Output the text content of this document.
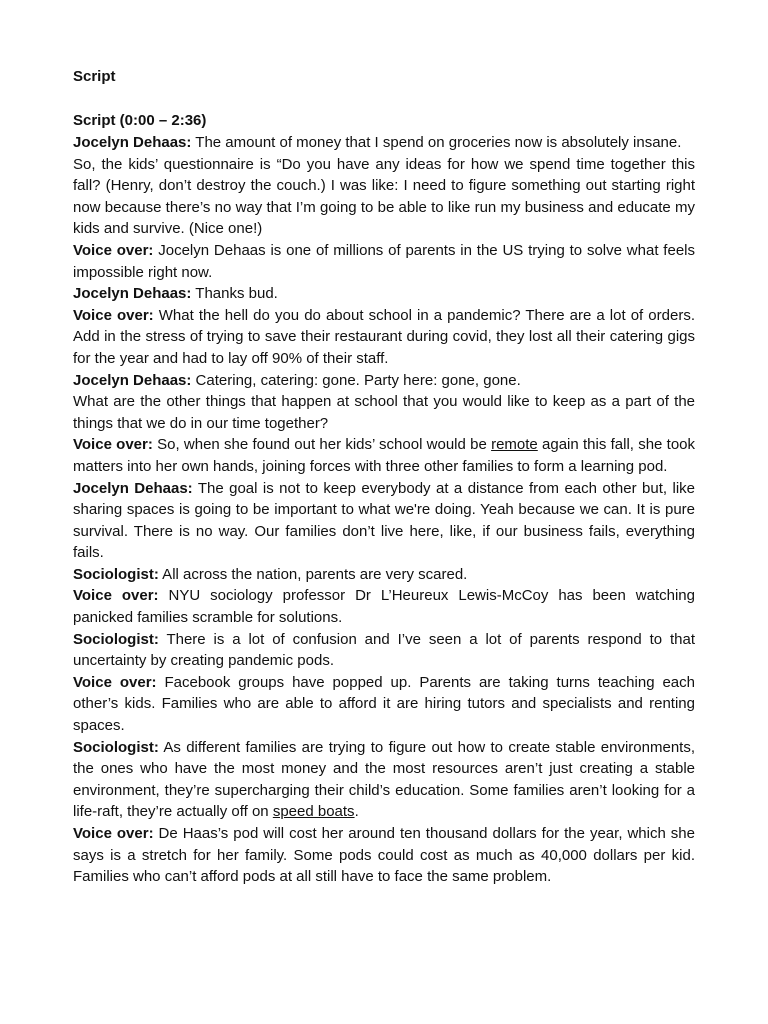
Script
Script (0:00 – 2:36)

Jocelyn Dehaas: The amount of money that I spend on groceries now is absolutely insane.

So, the kids’ questionnaire is “Do you have any ideas for how we spend time together this fall? (Henry, don’t destroy the couch.) I was like: I need to figure something out starting right now because there’s no way that I’m going to be able to like run my business and educate my kids and survive. (Nice one!)

Voice over: Jocelyn Dehaas is one of millions of parents in the US trying to solve what feels impossible right now.

Jocelyn Dehaas: Thanks bud.

Voice over: What the hell do you do about school in a pandemic? There are a lot of orders. Add in the stress of trying to save their restaurant during covid, they lost all their catering gigs for the year and had to lay off 90% of their staff.

Jocelyn Dehaas: Catering, catering: gone. Party here: gone, gone.

What are the other things that happen at school that you would like to keep as a part of the things that we do in our time together?

Voice over: So, when she found out her kids’ school would be remote again this fall, she took matters into her own hands, joining forces with three other families to form a learning pod.

Jocelyn Dehaas: The goal is not to keep everybody at a distance from each other but, like sharing spaces is going to be important to what we're doing. Yeah because we can. It is pure survival. There is no way. Our families don’t live here, like, if our business fails, everything fails.

Sociologist: All across the nation, parents are very scared.

Voice over: NYU sociology professor Dr L’Heureux Lewis-McCoy has been watching panicked families scramble for solutions.

Sociologist: There is a lot of confusion and I’ve seen a lot of parents respond to that uncertainty by creating pandemic pods.

Voice over: Facebook groups have popped up. Parents are taking turns teaching each other’s kids. Families who are able to afford it are hiring tutors and specialists and renting spaces.

Sociologist: As different families are trying to figure out how to create stable environments, the ones who have the most money and the most resources aren’t just creating a stable environment, they’re supercharging their child’s education. Some families aren’t looking for a life-raft, they’re actually off on speed boats.

Voice over: De Haas’s pod will cost her around ten thousand dollars for the year, which she says is a stretch for her family. Some pods could cost as much as 40,000 dollars per kid. Families who can’t afford pods at all still have to face the same problem.
